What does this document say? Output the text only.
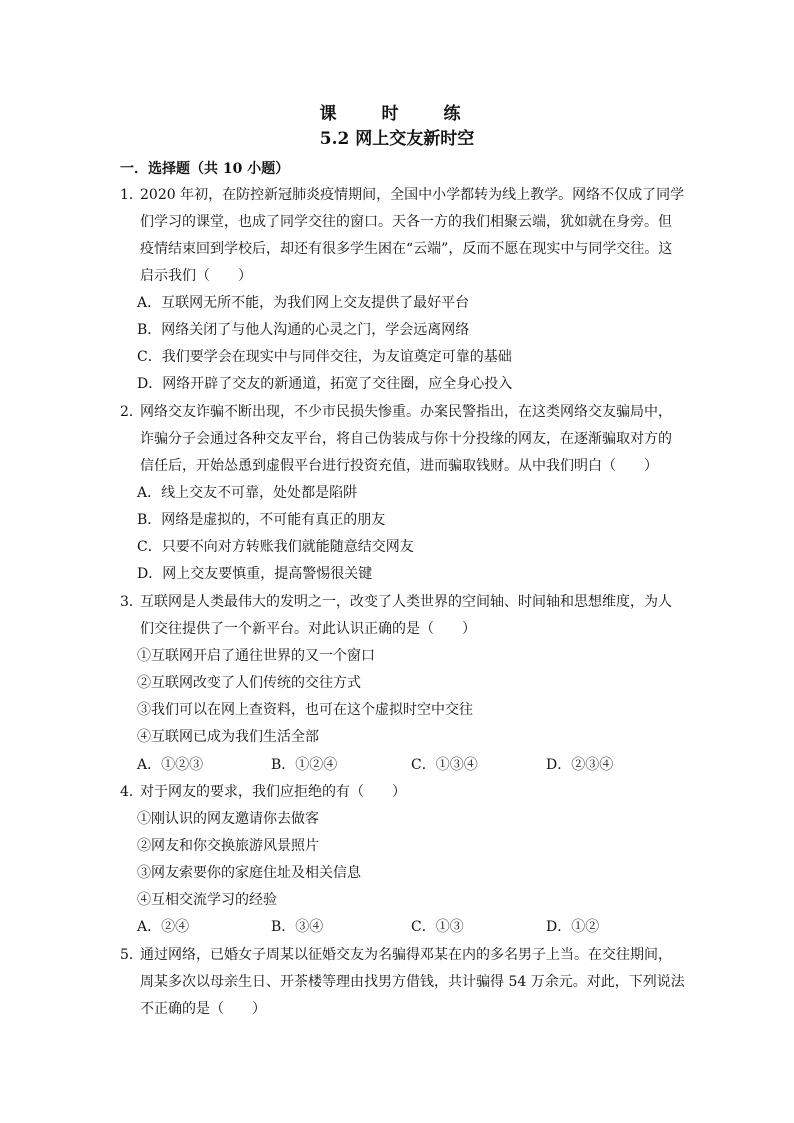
课　时　练
5.2 网上交友新时空
一．选择题（共 10 小题）
1．
2020 年初，在防控新冠肺炎疫情期间，全国中小学都转为线上教学。网络不仅成了同学
们学习的课堂，也成了同学交往的窗口。天各一方的我们相聚云端，犹如就在身旁。但
疫情结束回到学校后，却还有很多学生困在“云端”，反而不愿在现实中与同学交往。这
启示我们（　　）
A．互联网无所不能，为我们网上交友提供了最好平台
B．网络关闭了与他人沟通的心灵之门，学会远离网络
C．我们要学会在现实中与同伴交往，为友谊奠定可靠的基础
D．网络开辟了交友的新通道，拓宽了交往圈，应全身心投入
2．
网络交友诈骗不断出现，不少市民损失惨重。办案民警指出，在这类网络交友骗局中，
诈骗分子会通过各种交友平台，将自己伪装成与你十分投缘的网友，在逐渐骗取对方的
信任后，开始怂恿到虚假平台进行投资充值，进而骗取钱财。从中我们明白（　　）
A．线上交友不可靠，处处都是陷阱
B．网络是虚拟的，不可能有真正的朋友
C．只要不向对方转账我们就能随意结交网友
D．网上交友要慎重，提高警惕很关键
3．
互联网是人类最伟大的发明之一，改变了人类世界的空间轴、时间轴和思想维度，为人
们交往提供了一个新平台。对此认识正确的是（　　）
①互联网开启了通往世界的又一个窗口
②互联网改变了人们传统的交往方式
③我们可以在网上查资料，也可在这个虚拟时空中交往
④互联网已成为我们生活全部
A．①②③	B．①②④	C．①③④	D．②③④
4．
对于网友的要求，我们应拒绝的有（　　）
①刚认识的网友邀请你去做客
②网友和你交换旅游风景照片
③网友索要你的家庭住址及相关信息
④互相交流学习的经验
A．②④	B．③④	C．①③	D．①②
5．
通过网络，已婚女子周某以征婚交友为名骗得邓某在内的多名男子上当。在交往期间，
周某多次以母亲生日、开茶楼等理由找男方借钱，共计骗得 54 万余元。对此，下列说法
不正确的是（　　）
